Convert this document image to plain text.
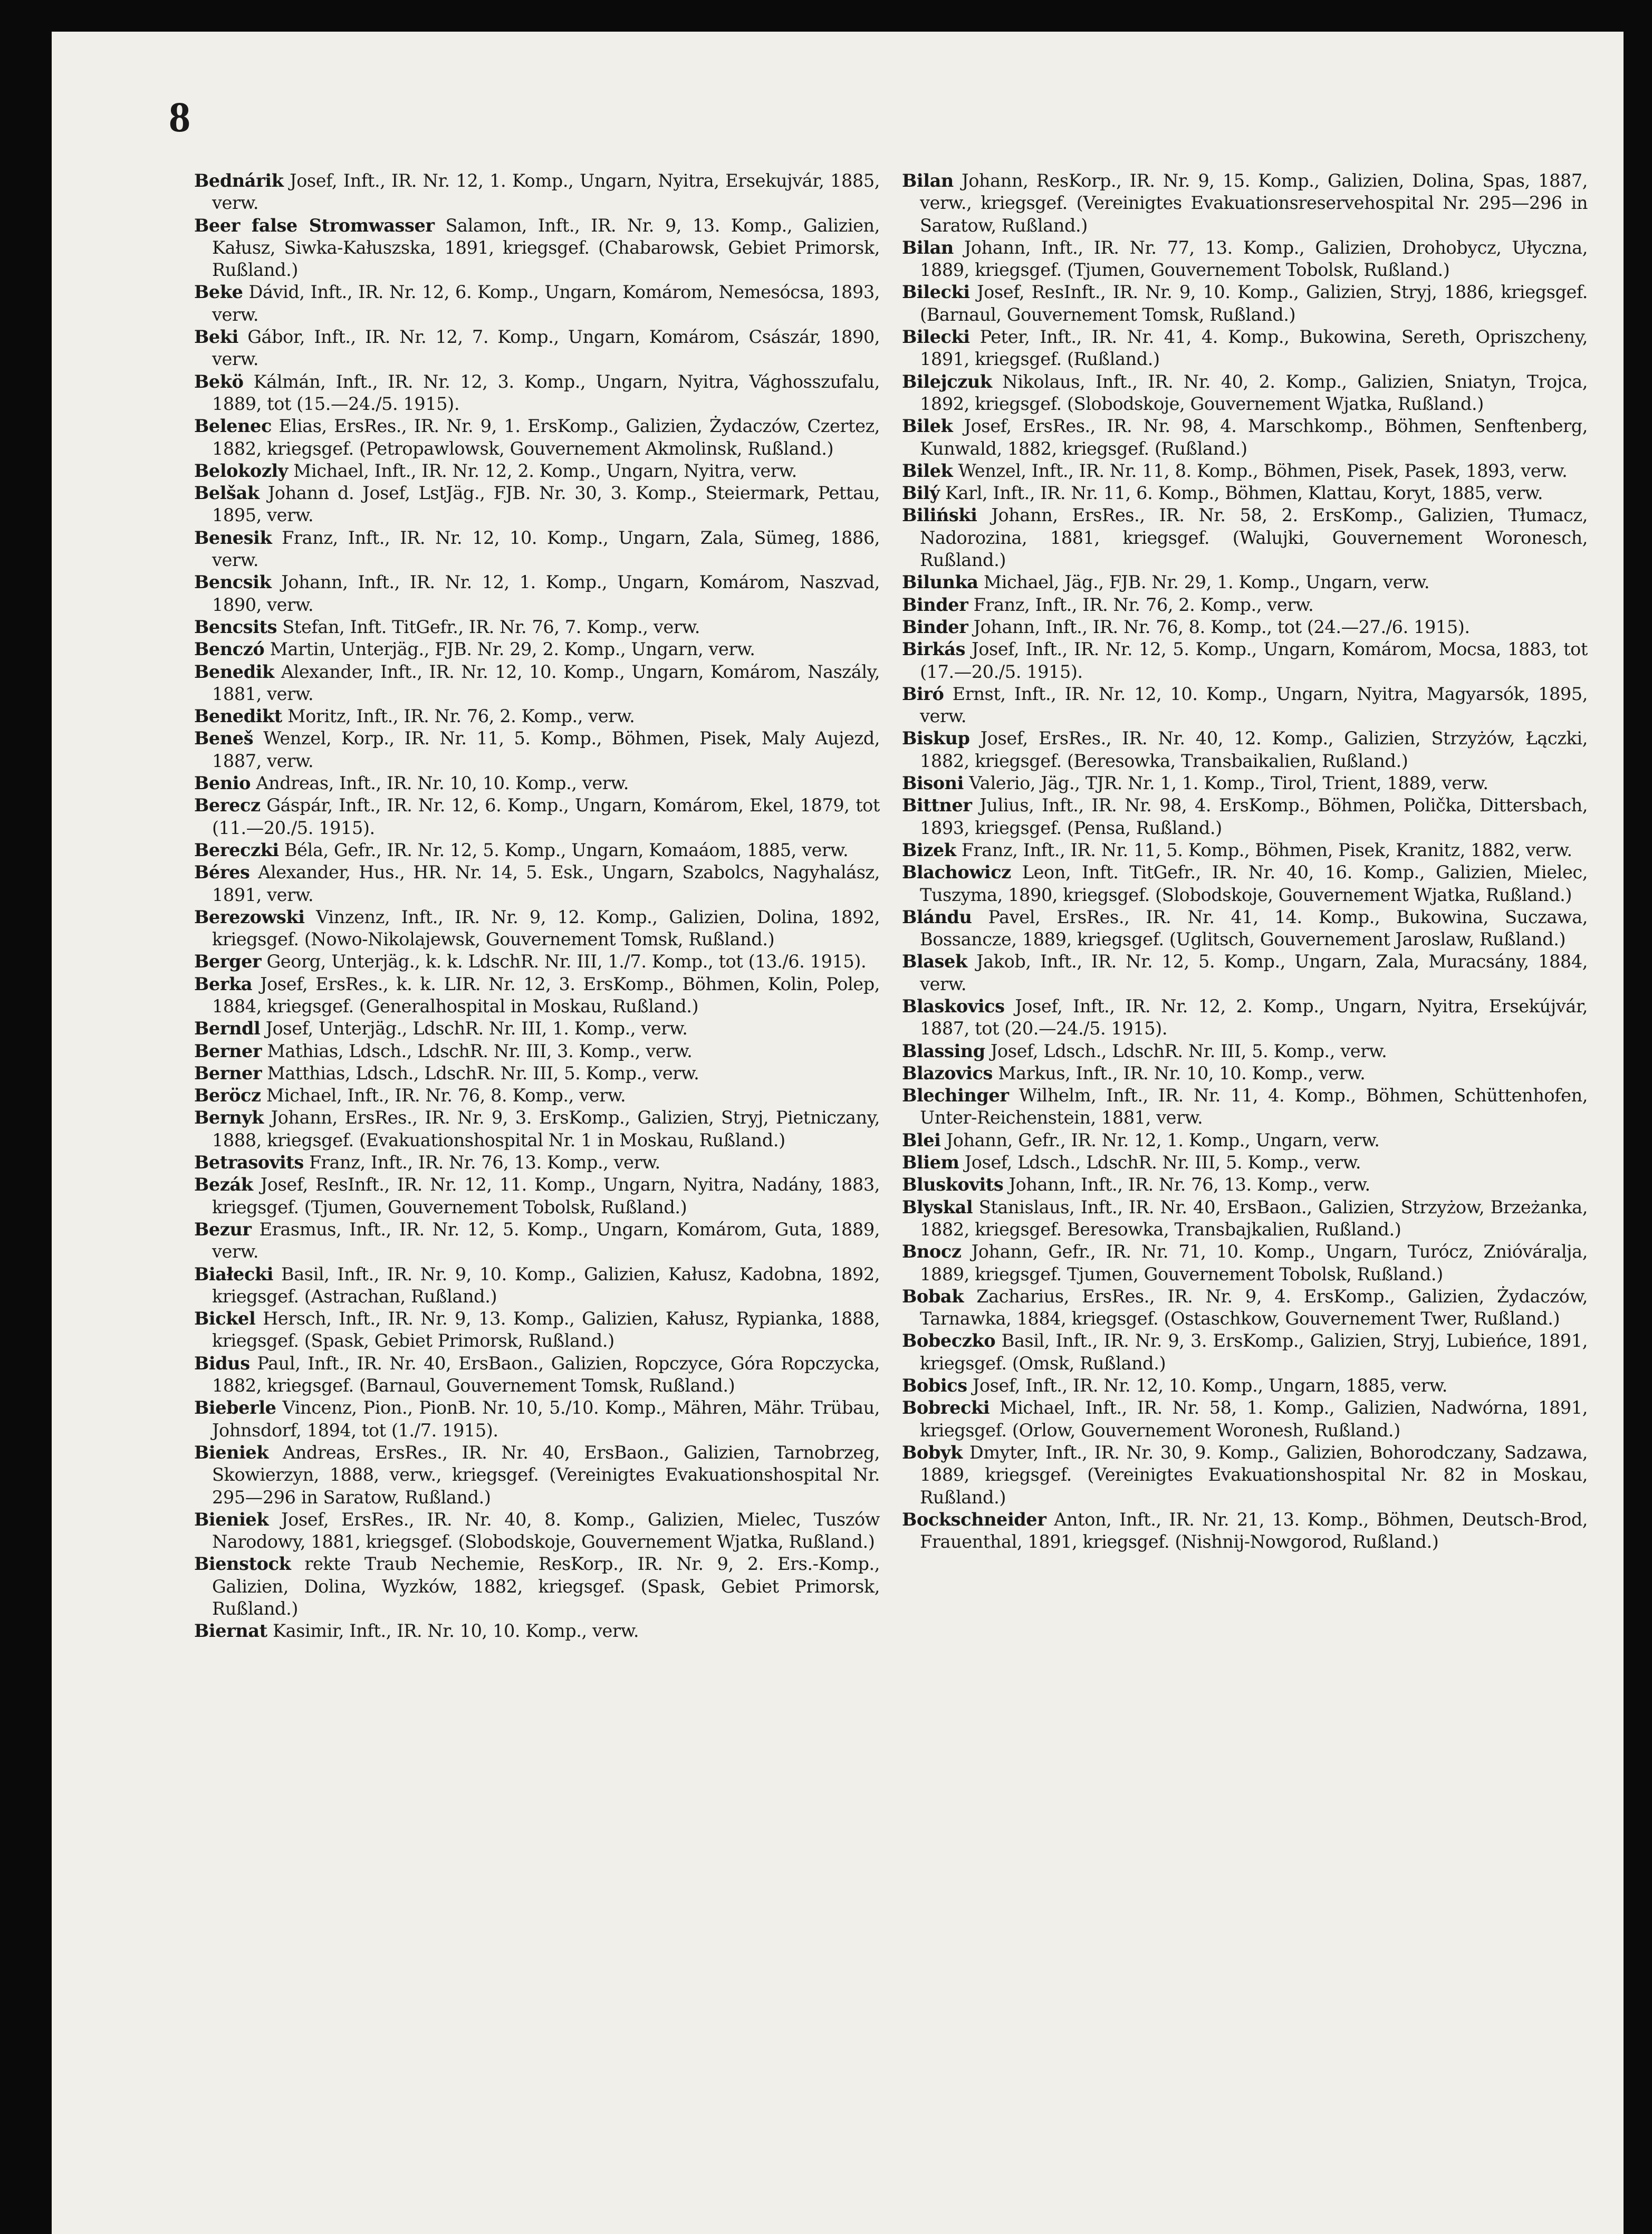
8
Bednárik Josef, Inft., IR. Nr. 12, 1. Komp., Ungarn, Nyitra, Ersekujvár, 1885, verw.
Beer false Stromwasser Salamon, Inft., IR. Nr. 9, 13. Komp., Galizien, Kałusz, Siwka-Kałuszska, 1891, kriegsgef. (Chabarowsk, Gebiet Primorsk, Rußland.)
Beke Dávid, Inft., IR. Nr. 12, 6. Komp., Ungarn, Komárom, Nemesócsa, 1893, verw.
Beki Gábor, Inft., IR. Nr. 12, 7. Komp., Ungarn, Komárom, Császár, 1890, verw.
Bekö Kálmán, Inft., IR. Nr. 12, 3. Komp., Ungarn, Nyitra, Vághosszufalu, 1889, tot (15.—24./5. 1915).
Belenec Elias, ErsRes., IR. Nr. 9, 1. ErsKomp., Galizien, Żydaczów, Czertez, 1882, kriegsgef. (Petropawlowsk, Gouvernement Akmolinsk, Rußland.)
Belokozly Michael, Inft., IR. Nr. 12, 2. Komp., Ungarn, Nyitra, verw.
Belšak Johann d. Josef, LstJäg., FJB. Nr. 30, 3. Komp., Steiermark, Pettau, 1895, verw.
Benesik Franz, Inft., IR. Nr. 12, 10. Komp., Ungarn, Zala, Sümeg, 1886, verw.
Bencsik Johann, Inft., IR. Nr. 12, 1. Komp., Ungarn, Komárom, Naszvad, 1890, verw.
Bencsits Stefan, Inft. TitGefr., IR. Nr. 76, 7. Komp., verw.
Benczó Martin, Unterjäg., FJB. Nr. 29, 2. Komp., Ungarn, verw.
Benedik Alexander, Inft., IR. Nr. 12, 10. Komp., Ungarn, Komárom, Naszály, 1881, verw.
Benedikt Moritz, Inft., IR. Nr. 76, 2. Komp., verw.
Beneš Wenzel, Korp., IR. Nr. 11, 5. Komp., Böhmen, Pisek, Maly Aujezd, 1887, verw.
Benio Andreas, Inft., IR. Nr. 10, 10. Komp., verw.
Berecz Gáspár, Inft., IR. Nr. 12, 6. Komp., Ungarn, Komárom, Ekel, 1879, tot (11.—20./5. 1915).
Bereczki Béla, Gefr., IR. Nr. 12, 5. Komp., Ungarn, Komaáom, 1885, verw.
Béres Alexander, Hus., HR. Nr. 14, 5. Esk., Ungarn, Szabolcs, Nagyhalász, 1891, verw.
Berezowski Vinzenz, Inft., IR. Nr. 9, 12. Komp., Galizien, Dolina, 1892, kriegsgef. (Nowo-Nikolajewsk, Gouvernement Tomsk, Rußland.)
Berger Georg, Unterjäg., k. k. LdschR. Nr. III, 1./7. Komp., tot (13./6. 1915).
Berka Josef, ErsRes., k. k. LIR. Nr. 12, 3. ErsKomp., Böhmen, Kolin, Polep, 1884, kriegsgef. (Generalhospital in Moskau, Rußland.)
Berndl Josef, Unterjäg., LdschR. Nr. III, 1. Komp., verw.
Berner Mathias, Ldsch., LdschR. Nr. III, 3. Komp., verw.
Berner Matthias, Ldsch., LdschR. Nr. III, 5. Komp., verw.
Beröcz Michael, Inft., IR. Nr. 76, 8. Komp., verw.
Bernyk Johann, ErsRes., IR. Nr. 9, 3. ErsKomp., Galizien, Stryj, Pietniczany, 1888, kriegsgef. (Evakuationshospital Nr. 1 in Moskau, Rußland.)
Betrasovits Franz, Inft., IR. Nr. 76, 13. Komp., verw.
Bezák Josef, ResInft., IR. Nr. 12, 11. Komp., Ungarn, Nyitra, Nadány, 1883, kriegsgef. (Tjumen, Gouvernement Tobolsk, Rußland.)
Bezur Erasmus, Inft., IR. Nr. 12, 5. Komp., Ungarn, Komárom, Guta, 1889, verw.
Białecki Basil, Inft., IR. Nr. 9, 10. Komp., Galizien, Kałusz, Kadobna, 1892, kriegsgef. (Astrachan, Rußland.)
Bickel Hersch, Inft., IR. Nr. 9, 13. Komp., Galizien, Kałusz, Rypianka, 1888, kriegsgef. (Spask, Gebiet Primorsk, Rußland.)
Bidus Paul, Inft., IR. Nr. 40, ErsBaon., Galizien, Ropczyce, Góra Ropczycka, 1882, kriegsgef. (Barnaul, Gouvernement Tomsk, Rußland.)
Bieberle Vincenz, Pion., PionB. Nr. 10, 5./10. Komp., Mähren, Mähr. Trübau, Johnsdorf, 1894, tot (1./7. 1915).
Bieniek Andreas, ErsRes., IR. Nr. 40, ErsBaon., Galizien, Tarnobrzeg, Skowierzyn, 1888, verw., kriegsgef. (Vereinigtes Evakuationshospital Nr. 295—296 in Saratow, Rußland.)
Bieniek Josef, ErsRes., IR. Nr. 40, 8. Komp., Galizien, Mielec, Tuszów Narodowy, 1881, kriegsgef. (Slobodskoje, Gouvernement Wjatka, Rußland.)
Bienstock rekte Traub Nechemie, ResKorp., IR. Nr. 9, 2. Ers.-Komp., Galizien, Dolina, Wyzków, 1882, kriegsgef. (Spask, Gebiet Primorsk, Rußland.)
Biernat Kasimir, Inft., IR. Nr. 10, 10. Komp., verw.
Bilan Johann, ResKorp., IR. Nr. 9, 15. Komp., Galizien, Dolina, Spas, 1887, verw., kriegsgef. (Vereinigtes Evakuationsreservehospital Nr. 295—296 in Saratow, Rußland.)
Bilan Johann, Inft., IR. Nr. 77, 13. Komp., Galizien, Drohobycz, Ułyczna, 1889, kriegsgef. (Tjumen, Gouvernement Tobolsk, Rußland.)
Bilecki Josef, ResInft., IR. Nr. 9, 10. Komp., Galizien, Stryj, 1886, kriegsgef. (Barnaul, Gouvernement Tomsk, Rußland.)
Bilecki Peter, Inft., IR. Nr. 41, 4. Komp., Bukowina, Sereth, Opriszcheny, 1891, kriegsgef. (Rußland.)
Bilejczuk Nikolaus, Inft., IR. Nr. 40, 2. Komp., Galizien, Sniatyn, Trojca, 1892, kriegsgef. (Slobodskoje, Gouvernement Wjatka, Rußland.)
Bilek Josef, ErsRes., IR. Nr. 98, 4. Marschkomp., Böhmen, Senftenberg, Kunwald, 1882, kriegsgef. (Rußland.)
Bilek Wenzel, Inft., IR. Nr. 11, 8. Komp., Böhmen, Pisek, Pasek, 1893, verw.
Bilý Karl, Inft., IR. Nr. 11, 6. Komp., Böhmen, Klattau, Koryt, 1885, verw.
Biliński Johann, ErsRes., IR. Nr. 58, 2. ErsKomp., Galizien, Tłumacz, Nadorozina, 1881, kriegsgef. (Walujki, Gouvernement Woronesch, Rußland.)
Bilunka Michael, Jäg., FJB. Nr. 29, 1. Komp., Ungarn, verw.
Binder Franz, Inft., IR. Nr. 76, 2. Komp., verw.
Binder Johann, Inft., IR. Nr. 76, 8. Komp., tot (24.—27./6. 1915).
Birkás Josef, Inft., IR. Nr. 12, 5. Komp., Ungarn, Komárom, Mocsa, 1883, tot (17.—20./5. 1915).
Biró Ernst, Inft., IR. Nr. 12, 10. Komp., Ungarn, Nyitra, Magyarsók, 1895, verw.
Biskup Josef, ErsRes., IR. Nr. 40, 12. Komp., Galizien, Strzyżów, Łączki, 1882, kriegsgef. (Beresowka, Transbaikalien, Rußland.)
Bisoni Valerio, Jäg., TJR. Nr. 1, 1. Komp., Tirol, Trient, 1889, verw.
Bittner Julius, Inft., IR. Nr. 98, 4. ErsKomp., Böhmen, Polička, Dittersbach, 1893, kriegsgef. (Pensa, Rußland.)
Bizek Franz, Inft., IR. Nr. 11, 5. Komp., Böhmen, Pisek, Kranitz, 1882, verw.
Blachowicz Leon, Inft. TitGefr., IR. Nr. 40, 16. Komp., Galizien, Mielec, Tuszyma, 1890, kriegsgef. (Slobodskoje, Gouvernement Wjatka, Rußland.)
Blándu Pavel, ErsRes., IR. Nr. 41, 14. Komp., Bukowina, Suczawa, Bossancze, 1889, kriegsgef. (Uglitsch, Gouvernement Jaroslaw, Rußland.)
Blasek Jakob, Inft., IR. Nr. 12, 5. Komp., Ungarn, Zala, Muracsány, 1884, verw.
Blaskovics Josef, Inft., IR. Nr. 12, 2. Komp., Ungarn, Nyitra, Ersekújvár, 1887, tot (20.—24./5. 1915).
Blassing Josef, Ldsch., LdschR. Nr. III, 5. Komp., verw.
Blazovics Markus, Inft., IR. Nr. 10, 10. Komp., verw.
Blechinger Wilhelm, Inft., IR. Nr. 11, 4. Komp., Böhmen, Schüttenhofen, Unter-Reichenstein, 1881, verw.
Blei Johann, Gefr., IR. Nr. 12, 1. Komp., Ungarn, verw.
Bliem Josef, Ldsch., LdschR. Nr. III, 5. Komp., verw.
Bluskovits Johann, Inft., IR. Nr. 76, 13. Komp., verw.
Blyskal Stanislaus, Inft., IR. Nr. 40, ErsBaon., Galizien, Strzyżow, Brzeżanka, 1882, kriegsgef. Beresowka, Transbajkalien, Rußland.)
Bnocz Johann, Gefr., IR. Nr. 71, 10. Komp., Ungarn, Turócz, Zniόváralja, 1889, kriegsgef. Tjumen, Gouvernement Tobolsk, Rußland.)
Bobak Zacharius, ErsRes., IR. Nr. 9, 4. ErsKomp., Galizien, Żydaczów, Tarnawka, 1884, kriegsgef. (Ostaschkow, Gouvernement Twer, Rußland.)
Bobeczko Basil, Inft., IR. Nr. 9, 3. ErsKomp., Galizien, Stryj, Lubieńce, 1891, kriegsgef. (Omsk, Rußland.)
Bobics Josef, Inft., IR. Nr. 12, 10. Komp., Ungarn, 1885, verw.
Bobrecki Michael, Inft., IR. Nr. 58, 1. Komp., Galizien, Nadwórna, 1891, kriegsgef. (Orlow, Gouvernement Woronesh, Rußland.)
Bobyk Dmyter, Inft., IR. Nr. 30, 9. Komp., Galizien, Bohorodczany, Sadzawa, 1889, kriegsgef. (Vereinigtes Evakuationshospital Nr. 82 in Moskau, Rußland.)
Bockschneider Anton, Inft., IR. Nr. 21, 13. Komp., Böhmen, Deutsch-Brod, Frauenthal, 1891, kriegsgef. (Nishnij-Nowgorod, Rußland.)
